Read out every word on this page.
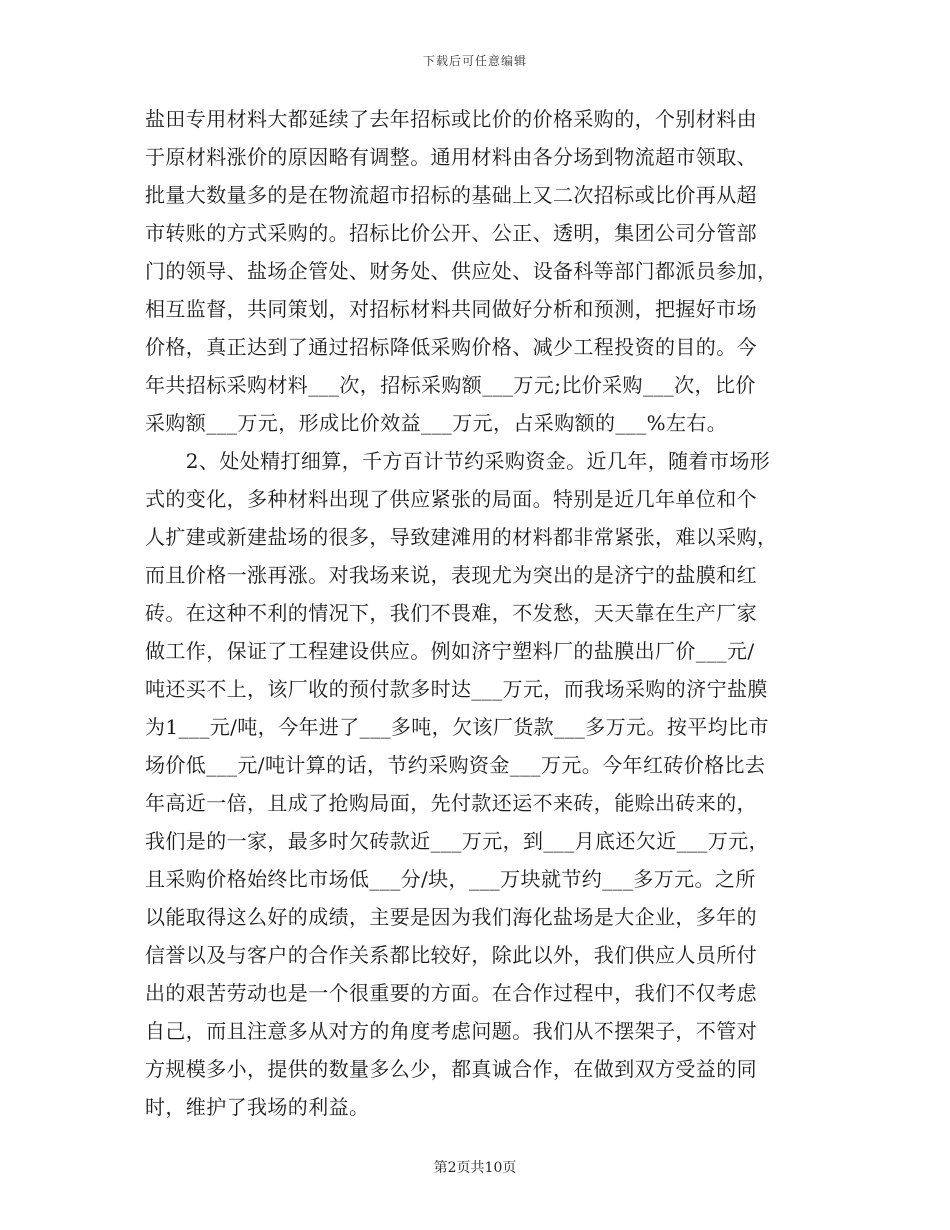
下载后可任意编辑
盐田专用材料大都延续了去年招标或比价的价格采购的，个别材料由
于原材料涨价的原因略有调整。通用材料由各分场到物流超市领取、
批量大数量多的是在物流超市招标的基础上又二次招标或比价再从超
市转账的方式采购的。招标比价公开、公正、透明，集团公司分管部
门的领导、盐场企管处、财务处、供应处、设备科等部门都派员参加，
相互监督，共同策划，对招标材料共同做好分析和预测，把握好市场
价格，真正达到了通过招标降低采购价格、减少工程投资的目的。今
年共招标采购材料___次，招标采购额___万元;比价采购___次，比价
采购额___万元，形成比价效益___万元，占采购额的___%左右。
　　2、处处精打细算，千方百计节约采购资金。近几年，随着市场形
式的变化，多种材料出现了供应紧张的局面。特别是近几年单位和个
人扩建或新建盐场的很多，导致建滩用的材料都非常紧张，难以采购，
而且价格一涨再涨。对我场来说，表现尤为突出的是济宁的盐膜和红
砖。在这种不利的情况下，我们不畏难，不发愁，天天靠在生产厂家
做工作，保证了工程建设供应。例如济宁塑料厂的盐膜出厂价___元/
吨还买不上，该厂收的预付款多时达___万元，而我场采购的济宁盐膜
为1___元/吨，今年进了___多吨，欠该厂货款___多万元。按平均比市
场价低___元/吨计算的话，节约采购资金___万元。今年红砖价格比去
年高近一倍，且成了抢购局面，先付款还运不来砖，能赊出砖来的，
我们是的一家，最多时欠砖款近___万元，到___月底还欠近___万元，
且采购价格始终比市场低___分/块，___万块就节约___多万元。之所
以能取得这么好的成绩，主要是因为我们海化盐场是大企业，多年的
信誉以及与客户的合作关系都比较好，除此以外，我们供应人员所付
出的艰苦劳动也是一个很重要的方面。在合作过程中，我们不仅考虑
自己，而且注意多从对方的角度考虑问题。我们从不摆架子，不管对
方规模多小，提供的数量多么少，都真诚合作，在做到双方受益的同
时，维护了我场的利益。
第2页共10页
